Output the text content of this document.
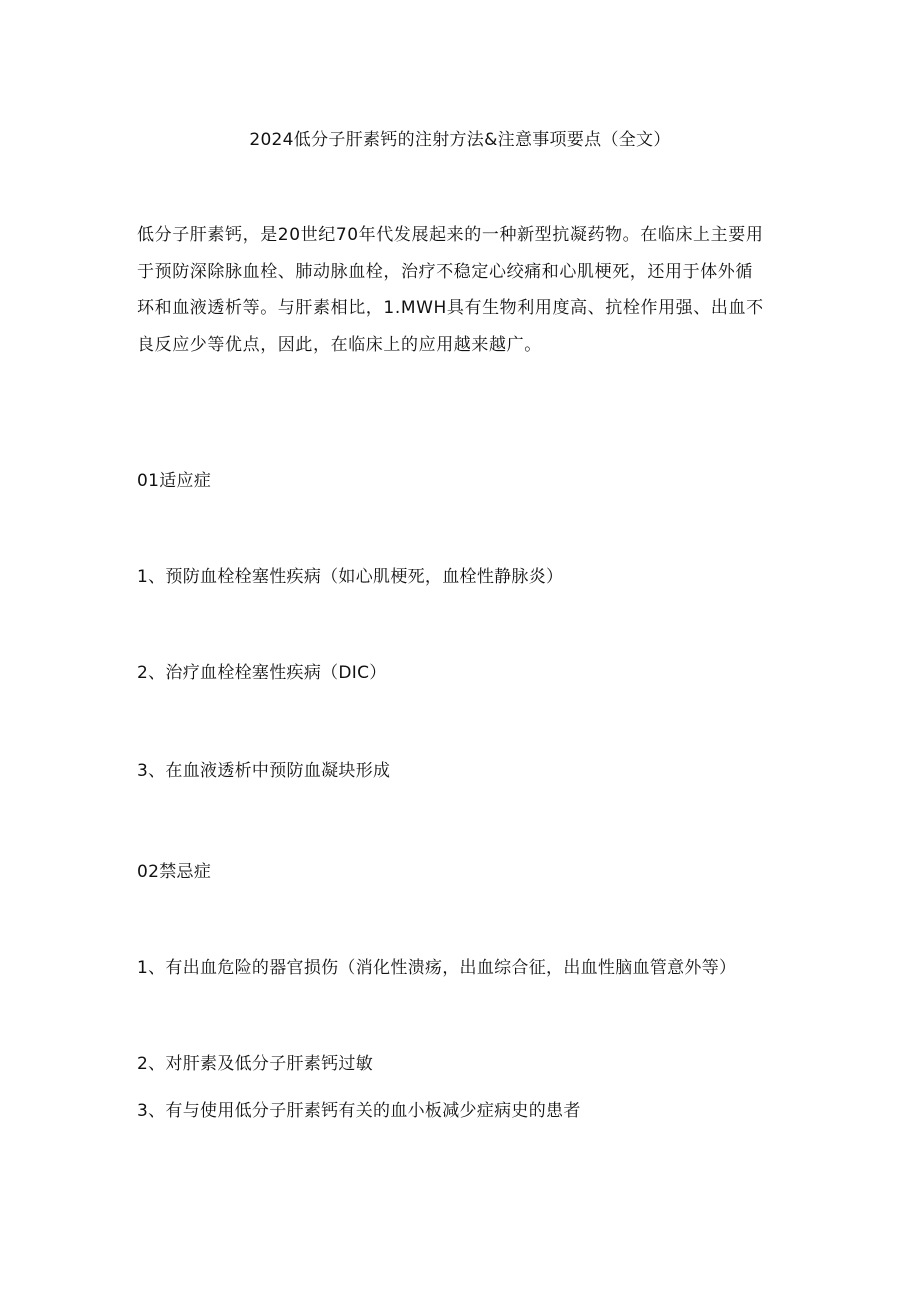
2024低分子肝素钙的注射方法&注意事项要点（全文）
低分子肝素钙，是20世纪70年代发展起来的一种新型抗凝药物。在临床上主要用
于预防深除脉血栓、肺动脉血栓，治疗不稳定心绞痛和心肌梗死，还用于体外循
环和血液透析等。与肝素相比，1.MWH具有生物利用度高、抗栓作用强、出血不
良反应少等优点，因此，在临床上的应用越来越广。
01适应症
1、预防血栓栓塞性疾病（如心肌梗死，血栓性静脉炎）
2、治疗血栓栓塞性疾病（DIC）
3、在血液透析中预防血凝块形成
02禁忌症
1、有出血危险的器官损伤（消化性溃疡，出血综合征，出血性脑血管意外等）
2、对肝素及低分子肝素钙过敏
3、有与使用低分子肝素钙有关的血小板减少症病史的患者
